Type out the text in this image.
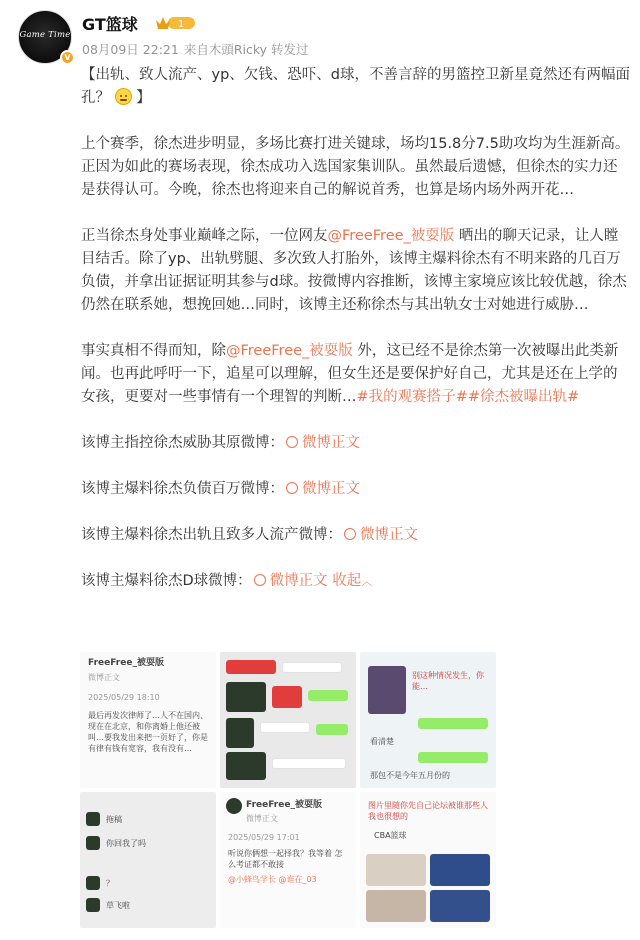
Game Time
V
GT篮球	1
08月09日 22:21 来自木頭Ricky 转发过

【出轨、致人流产、yp、欠钱、恐吓、d球，不善言辞的男篮控卫新星竟然还有两幅面孔？ 】

上个赛季，徐杰进步明显，多场比赛打进关键球，场均15.8分7.5助攻均为生涯新高。正因为如此的赛场表现，徐杰成功入选国家集训队。虽然最后遗憾，但徐杰的实力还是获得认可。今晚，徐杰也将迎来自己的解说首秀，也算是场内场外两开花…

正当徐杰身处事业巅峰之际，一位网友@FreeFree_被耍版 晒出的聊天记录，让人瞠目结舌。除了yp、出轨劈腿、多次致人打胎外，该博主爆料徐杰有不明来路的几百万负债，并拿出证据证明其参与d球。按微博内容推断，该博主家境应该比较优越，徐杰仍然在联系她，想挽回她…同时，该博主还称徐杰与其出轨女士对她进行威胁…

事实真相不得而知，除@FreeFree_被耍版 外，这已经不是徐杰第一次被曝出此类新闻。也再此呼吁一下，追星可以理解，但女生还是要保护好自己，尤其是还在上学的女孩，更要对一些事情有一个理智的判断…#我的观赛搭子##徐杰被曝出轨#

该博主指控徐杰威胁其原微博： 微博正文

该博主爆料徐杰负债百万微博： 微博正文

该博主爆料徐杰出轨且致多人流产微博： 微博正文

该博主爆料徐杰D球微博： 微博正文 收起︿

FreeFree_被耍版
微博正文
2025/05/29 18:10
最后再发次律师了…人不在国内、现在在北京，和你离婚上他还被叫…要我发出来把一页好了，你是有律有钱有宽容，我有没有…
别这种情况发生，你能…
看清楚
那包不是今年五月份的
拖稿
你回我了吗
？
草飞啦
FreeFree_被耍版
微博正文
2025/05/29 17:01
听说你俩想一起择我？我等着 怎么考证都不敢接
@小蜂鸟学长 @谁在_03
图片里随你先自己论坛被谁那些人我也很想的
CBA篮球
